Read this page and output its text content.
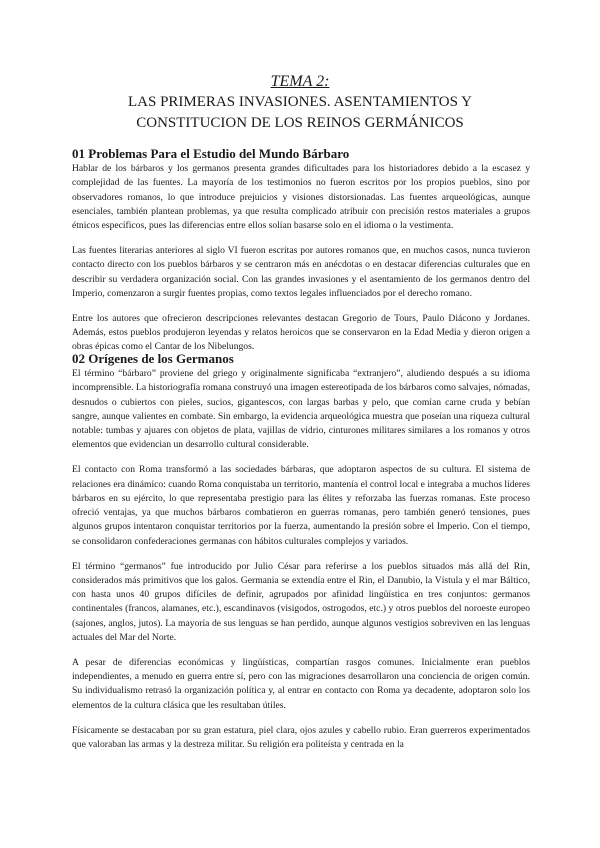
TEMA 2:
LAS PRIMERAS INVASIONES. ASENTAMIENTOS Y
CONSTITUCION DE LOS REINOS GERMÁNICOS
01 Problemas Para el Estudio del Mundo Bárbaro

Hablar de los bárbaros y los germanos presenta grandes dificultades para los historiadores debido a la escasez y complejidad de las fuentes. La mayoría de los testimonios no fueron escritos por los propios pueblos, sino por observadores romanos, lo que introduce prejuicios y visiones distorsionadas. Las fuentes arqueológicas, aunque esenciales, también plantean problemas, ya que resulta complicado atribuir con precisión restos materiales a grupos étnicos específicos, pues las diferencias entre ellos solían basarse solo en el idioma o la vestimenta.

Las fuentes literarias anteriores al siglo VI fueron escritas por autores romanos que, en muchos casos, nunca tuvieron contacto directo con los pueblos bárbaros y se centraron más en anécdotas o en destacar diferencias culturales que en describir su verdadera organización social. Con las grandes invasiones y el asentamiento de los germanos dentro del Imperio, comenzaron a surgir fuentes propias, como textos legales influenciados por el derecho romano.

Entre los autores que ofrecieron descripciones relevantes destacan Gregorio de Tours, Paulo Diácono y Jordanes. Además, estos pueblos produjeron leyendas y relatos heroicos que se conservaron en la Edad Media y dieron origen a obras épicas como el Cantar de los Nibelungos.

02 Orígenes de los Germanos

El término “bárbaro” proviene del griego y originalmente significaba “extranjero”, aludiendo después a su idioma incomprensible. La historiografía romana construyó una imagen estereotipada de los bárbaros como salvajes, nómadas, desnudos o cubiertos con pieles, sucios, gigantescos, con largas barbas y pelo, que comían carne cruda y bebían sangre, aunque valientes en combate. Sin embargo, la evidencia arqueológica muestra que poseían una riqueza cultural notable: tumbas y ajuares con objetos de plata, vajillas de vidrio, cinturones militares similares a los romanos y otros elementos que evidencian un desarrollo cultural considerable.

El contacto con Roma transformó a las sociedades bárbaras, que adoptaron aspectos de su cultura. El sistema de relaciones era dinámico: cuando Roma conquistaba un territorio, mantenía el control local e integraba a muchos líderes bárbaros en su ejército, lo que representaba prestigio para las élites y reforzaba las fuerzas romanas. Este proceso ofreció ventajas, ya que muchos bárbaros combatieron en guerras romanas, pero también generó tensiones, pues algunos grupos intentaron conquistar territorios por la fuerza, aumentando la presión sobre el Imperio. Con el tiempo, se consolidaron confederaciones germanas con hábitos culturales complejos y variados.

El término “germanos” fue introducido por Julio César para referirse a los pueblos situados más allá del Rin, considerados más primitivos que los galos. Germania se extendía entre el Rin, el Danubio, la Vístula y el mar Báltico, con hasta unos 40 grupos difíciles de definir, agrupados por afinidad lingüística en tres conjuntos: germanos continentales (francos, alamanes, etc.), escandinavos (visigodos, ostrogodos, etc.) y otros pueblos del noroeste europeo (sajones, anglos, jutos). La mayoría de sus lenguas se han perdido, aunque algunos vestigios sobreviven en las lenguas actuales del Mar del Norte.

A pesar de diferencias económicas y lingüísticas, compartían rasgos comunes. Inicialmente eran pueblos independientes, a menudo en guerra entre sí, pero con las migraciones desarrollaron una conciencia de origen común. Su individualismo retrasó la organización política y, al entrar en contacto con Roma ya decadente, adoptaron solo los elementos de la cultura clásica que les resultaban útiles.

Físicamente se destacaban por su gran estatura, piel clara, ojos azules y cabello rubio. Eran guerreros experimentados que valoraban las armas y la destreza militar. Su religión era politeísta y centrada en la
